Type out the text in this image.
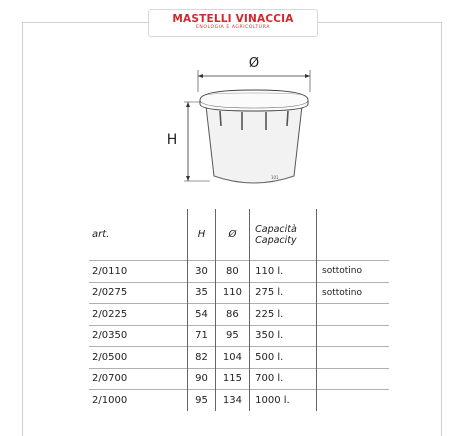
MASTELLI VINACCIA
ENOLOGIA E AGRICOLTURA
Ø
H
101
art.	H	Ø	Capacità
Capacity	
2/0110	30	80	110 l.	sottotino
2/0275	35	110	275 l.	sottotino
2/0225	54	86	225 l.	
2/0350	71	95	350 l.	
2/0500	82	104	500 l.	
2/0700	90	115	700 l.	
2/1000	95	134	1000 l.	
